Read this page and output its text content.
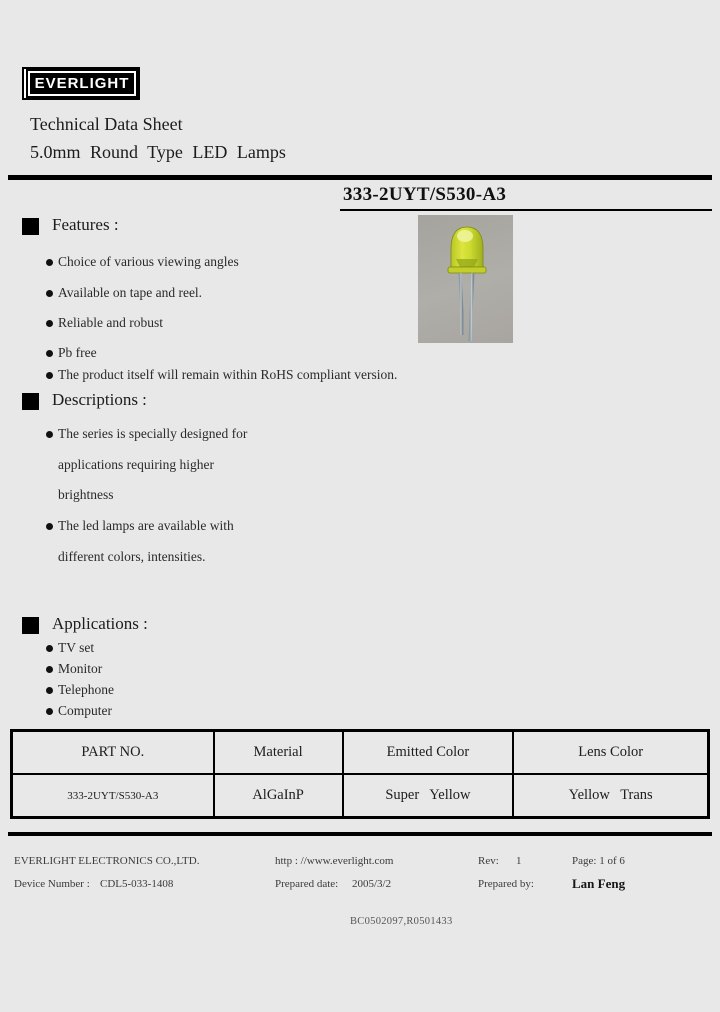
EVERLIGHT
Technical Data Sheet
5.0mm Round Type LED Lamps
333-2UYT/S530-A3
Features :
Choice of various viewing angles
Available on tape and reel.
Reliable and robust
Pb free
The product itself will remain within RoHS compliant version.
Descriptions :
The series is specially designed for
applications requiring higher
brightness
The led lamps are available with
different colors, intensities.
Applications :
TV set
Monitor
Telephone
Computer
PART NO.	Material	Emitted Color	Lens Color
333-2UYT/S530-A3	AlGaInP	Super Yellow	Yellow Trans
EVERLIGHT ELECTRONICS CO.,LTD.	http : //www.everlight.com	Rev: 1	Page: 1 of 6
Device Number : CDL5-033-1408	Prepared date: 2005/3/2	Prepared by:	Lan Feng
BC0502097,R0501433
